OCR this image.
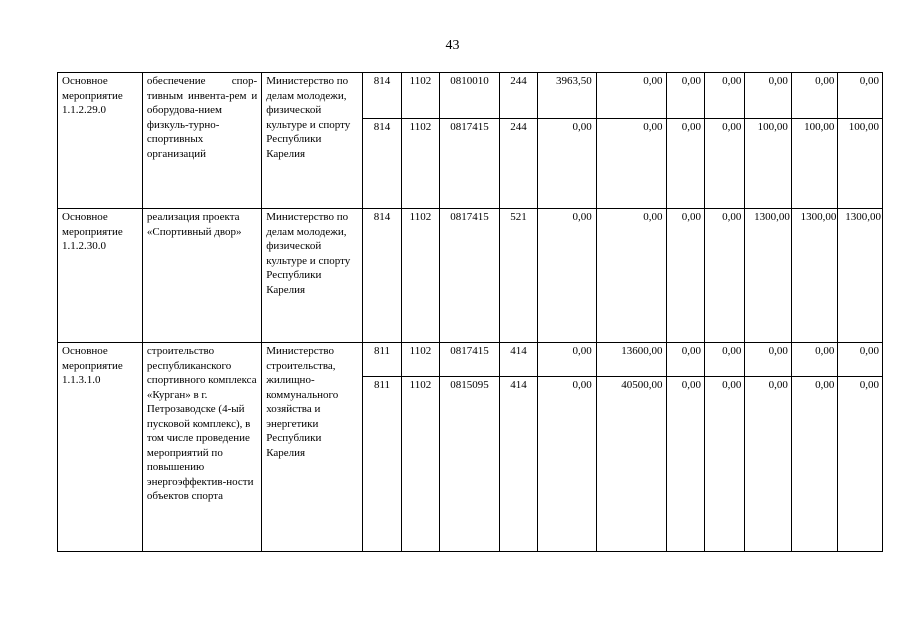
43
Основное мероприятие 1.1.2.29.0	обеспечение спор-тивным инвента-рем и оборудова-нием физкуль-турно-спортивных организаций	Министерство по делам молодежи, физической культуре и спорту Республики Карелия	814	1102	0810010	244	3963,50	0,00	0,00	0,00	0,00	0,00	0,00
			814	1102	0817415	244	0,00	0,00	0,00	0,00	100,00	100,00	100,00
Основное мероприятие 1.1.2.30.0	реализация проекта «Спортивный двор»	Министерство по делам молодежи, физической культуре и спорту Республики Карелия	814	1102	0817415	521	0,00	0,00	0,00	0,00	1300,00	1300,00	1300,00
Основное мероприятие 1.1.3.1.0	строительство республиканского спортивного комплекса «Курган» в г. Петрозаводске (4-ый пусковой комплекс), в том числе проведение мероприятий по повышению энергоэффектив-ности объектов спорта	Министерство строительства, жилищно-коммунального хозяйства и энергетики Республики Карелия	811	1102	0817415	414	0,00	13600,00	0,00	0,00	0,00	0,00	0,00
			811	1102	0815095	414	0,00	40500,00	0,00	0,00	0,00	0,00	0,00
